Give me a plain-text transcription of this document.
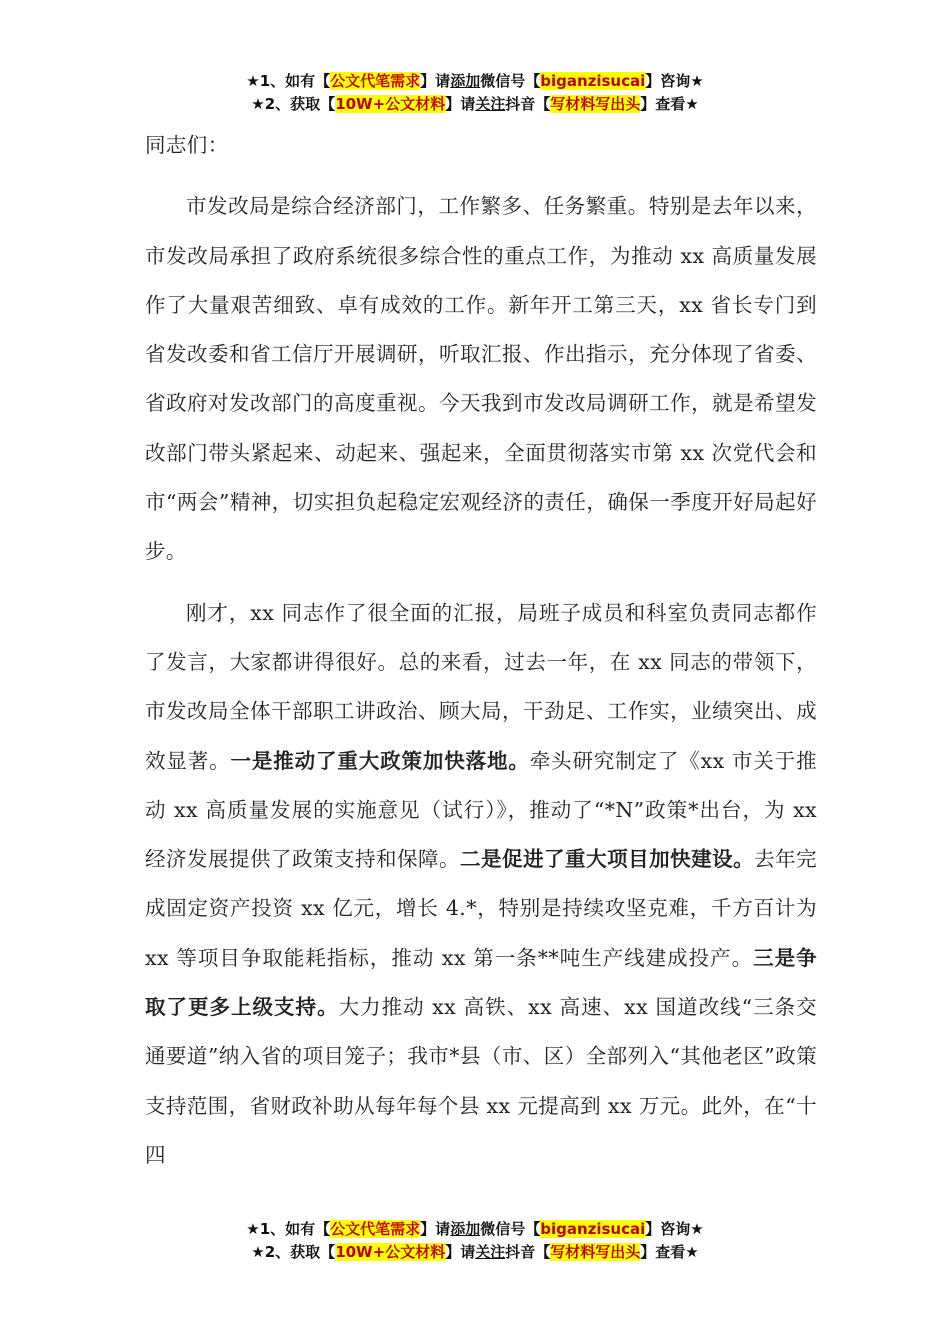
★1、如有【公文代笔需求】请添加微信号【biganzisucai】咨询★
★2、获取【10W+公文材料】请关注抖音【写材料写出头】查看★

同志们：

市发改局是综合经济部门，工作繁多、任务繁重。特别是去年以来，市发改局承担了政府系统很多综合性的重点工作，为推动 xx 高质量发展作了大量艰苦细致、卓有成效的工作。新年开工第三天，xx 省长专门到省发改委和省工信厅开展调研，听取汇报、作出指示，充分体现了省委、省政府对发改部门的高度重视。今天我到市发改局调研工作，就是希望发改部门带头紧起来、动起来、强起来，全面贯彻落实市第 xx 次党代会和市“两会”精神，切实担负起稳定宏观经济的责任，确保一季度开好局起好步。

刚才，xx 同志作了很全面的汇报，局班子成员和科室负责同志都作了发言，大家都讲得很好。总的来看，过去一年，在 xx 同志的带领下，市发改局全体干部职工讲政治、顾大局，干劲足、工作实，业绩突出、成效显著。一是推动了重大政策加快落地。牵头研究制定了《xx 市关于推动 xx 高质量发展的实施意见（试行）》，推动了“*N”政策*出台，为 xx 经济发展提供了政策支持和保障。二是促进了重大项目加快建设。去年完成固定资产投资 xx 亿元，增长 4.*，特别是持续攻坚克难，千方百计为 xx 等项目争取能耗指标，推动 xx 第一条**吨生产线建成投产。三是争取了更多上级支持。大力推动 xx 高铁、xx 高速、xx 国道改线“三条交通要道”纳入省的项目笼子；我市*县（市、区）全部列入“其他老区”政策支持范围，省财政补助从每年每个县 xx 元提高到 xx 万元。此外，在“十四

★1、如有【公文代笔需求】请添加微信号【biganzisucai】咨询★
★2、获取【10W+公文材料】请关注抖音【写材料写出头】查看★
